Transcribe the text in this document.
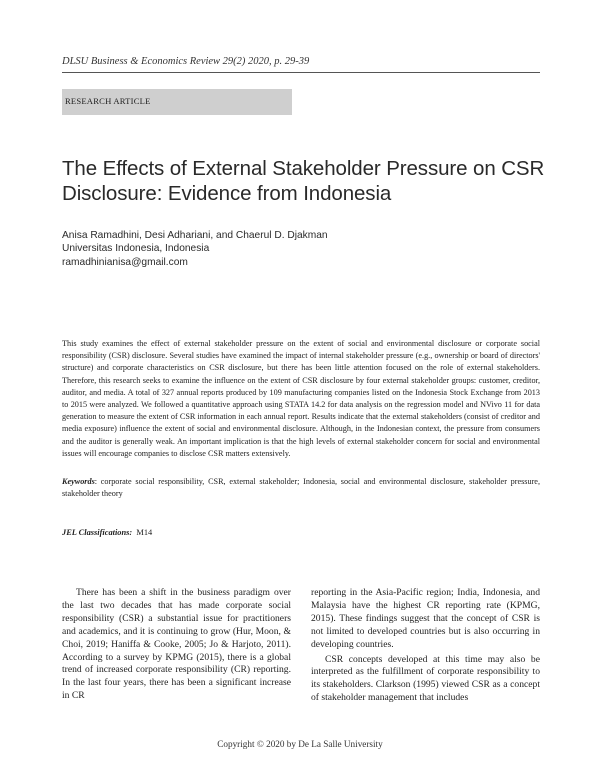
DLSU Business & Economics Review 29(2) 2020, p. 29-39
RESEARCH ARTICLE
The Effects of External Stakeholder Pressure on CSR
Disclosure: Evidence from Indonesia
Anisa Ramadhini, Desi Adhariani, and Chaerul D. Djakman
Universitas Indonesia, Indonesia
ramadhinianisa@gmail.com

This study examines the effect of external stakeholder pressure on the extent of social and environmental disclosure or corporate social responsibility (CSR) disclosure. Several studies have examined the impact of internal stakeholder pressure (e.g., ownership or board of directors' structure) and corporate characteristics on CSR disclosure, but there has been little attention focused on the role of external stakeholders. Therefore, this research seeks to examine the influence on the extent of CSR disclosure by four external stakeholder groups: customer, creditor, auditor, and media. A total of 327 annual reports produced by 109 manufacturing companies listed on the Indonesia Stock Exchange from 2013 to 2015 were analyzed. We followed a quantitative approach using STATA 14.2 for data analysis on the regression model and NVivo 11 for data generation to measure the extent of CSR information in each annual report. Results indicate that the external stakeholders (consist of creditor and media exposure) influence the extent of social and environmental disclosure. Although, in the Indonesian context, the pressure from consumers and the auditor is generally weak. An important implication is that the high levels of external stakeholder concern for social and environmental issues will encourage companies to disclose CSR matters extensively.

Keywords: corporate social responsibility, CSR, external stakeholder; Indonesia, social and environmental disclosure, stakeholder pressure, stakeholder theory

JEL Classifications: M14

There has been a shift in the business paradigm over the last two decades that has made corporate social responsibility (CSR) a substantial issue for practitioners and academics, and it is continuing to grow (Hur, Moon, & Choi, 2019; Haniffa & Cooke, 2005; Jo & Harjoto, 2011). According to a survey by KPMG (2015), there is a global trend of increased corporate responsibility (CR) reporting. In the last four years, there has been a significant increase in CR

reporting in the Asia-Pacific region; India, Indonesia, and Malaysia have the highest CR reporting rate (KPMG, 2015). These findings suggest that the concept of CSR is not limited to developed countries but is also occurring in developing countries.

CSR concepts developed at this time may also be interpreted as the fulfillment of corporate responsibility to its stakeholders. Clarkson (1995) viewed CSR as a concept of stakeholder management that includes

Copyright © 2020 by De La Salle University
